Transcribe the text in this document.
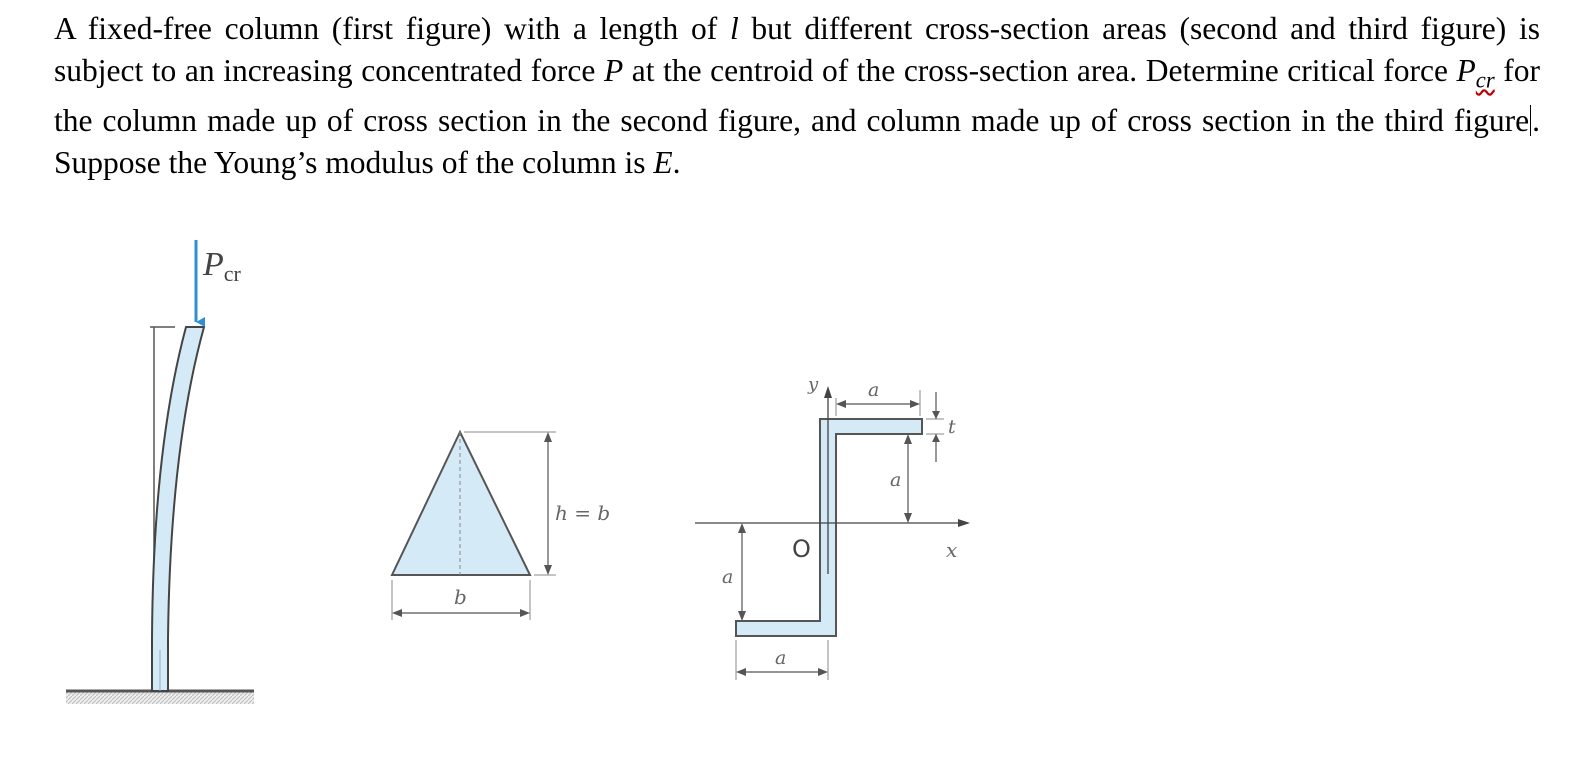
A fixed-free column (first figure) with a length of l but different cross-section areas (second and third figure) is subject to an increasing concentrated force P at the centroid of the cross-section area. Determine critical force $P_{cr}$ for the column made up of cross section in the second figure, and column made up of cross section in the third figure. Suppose the Young’s modulus of the column is E.
Pcr
h = b
b
y
x
O
a
t
a
a
a
